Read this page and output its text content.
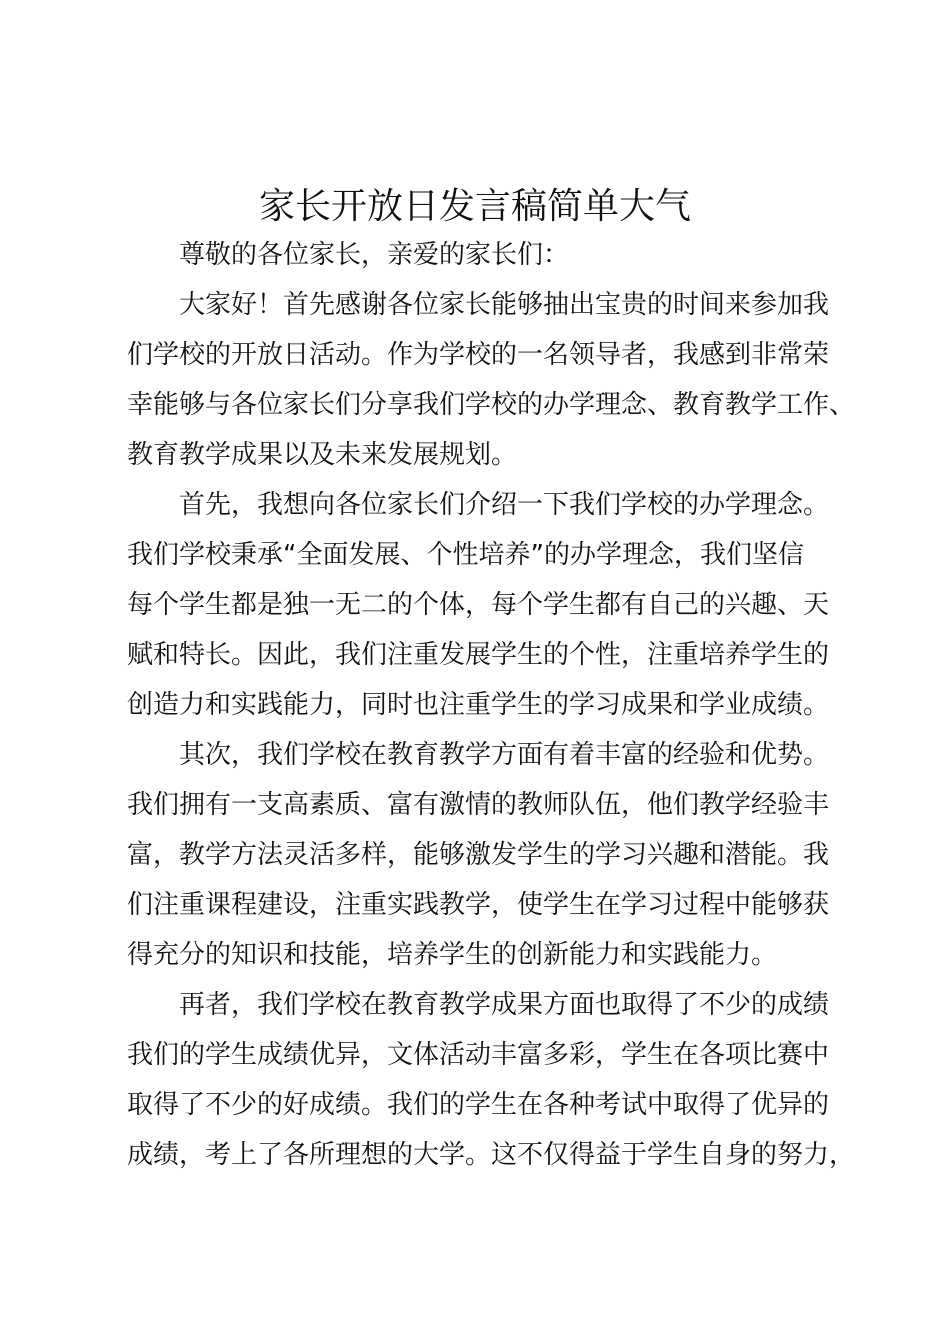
家长开放日发言稿简单大气
尊敬的各位家长，亲爱的家长们：
大家好！首先感谢各位家长能够抽出宝贵的时间来参加我
们学校的开放日活动。作为学校的一名领导者，我感到非常荣
幸能够与各位家长们分享我们学校的办学理念、教育教学工作、
教育教学成果以及未来发展规划。
首先，我想向各位家长们介绍一下我们学校的办学理念。
我们学校秉承“全面发展、个性培养”的办学理念，我们坚信
每个学生都是独一无二的个体，每个学生都有自己的兴趣、天
赋和特长。因此，我们注重发展学生的个性，注重培养学生的
创造力和实践能力，同时也注重学生的学习成果和学业成绩。
其次，我们学校在教育教学方面有着丰富的经验和优势。
我们拥有一支高素质、富有激情的教师队伍，他们教学经验丰
富，教学方法灵活多样，能够激发学生的学习兴趣和潜能。我
们注重课程建设，注重实践教学，使学生在学习过程中能够获
得充分的知识和技能，培养学生的创新能力和实践能力。
再者，我们学校在教育教学成果方面也取得了不少的成绩
我们的学生成绩优异，文体活动丰富多彩，学生在各项比赛中
取得了不少的好成绩。我们的学生在各种考试中取得了优异的
成绩，考上了各所理想的大学。这不仅得益于学生自身的努力，
